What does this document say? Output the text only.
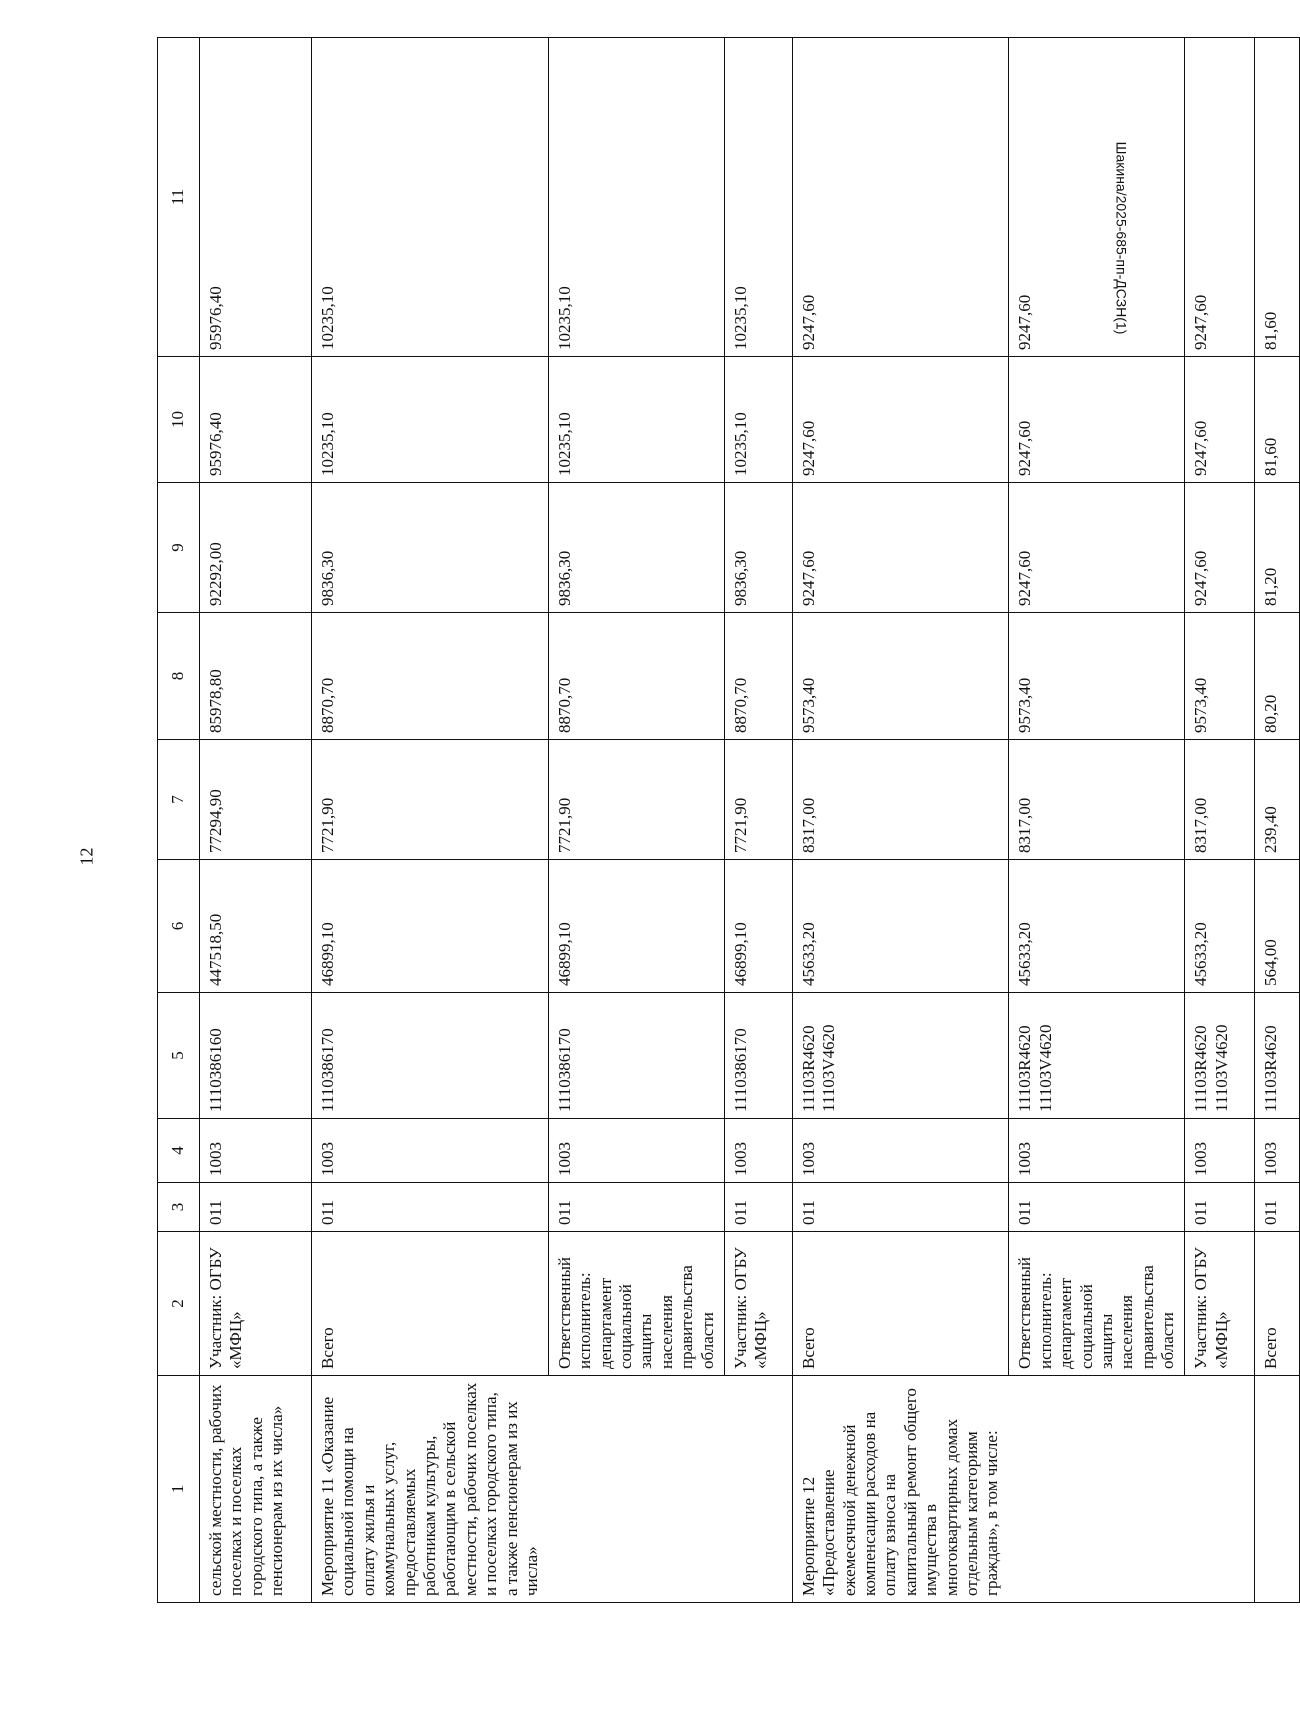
12
Шакина/2025-685-пп-ДСЗН(1)
1	2	3	4	5	6	7	8	9	10	11
сельской местности, рабочих поселках и поселках городского типа, а также пенсионерам из их числа»	Участник: ОГБУ «МФЦ»	011	1003	1110386160	447518,50	77294,90	85978,80	92292,00	95976,40	95976,40
Мероприятие 11 «Оказание социальной помощи на оплату жилья и коммунальных услуг, предоставляемых работникам культуры, работающим в сельской местности, рабочих поселках и поселках городского типа, а также пенсионерам из их числа»	Всего	011	1003	1110386170	46899,10	7721,90	8870,70	9836,30	10235,10	10235,10
	Ответственный исполнитель: департамент социальной защиты населения правительства области	011	1003	1110386170	46899,10	7721,90	8870,70	9836,30	10235,10	10235,10
	Участник: ОГБУ «МФЦ»	011	1003	1110386170	46899,10	7721,90	8870,70	9836,30	10235,10	10235,10
Мероприятие 12 «Предоставление ежемесячной денежной компенсации расходов на оплату взноса на капитальный ремонт общего имущества в многоквартирных домах отдельным категориям граждан», в том числе:	Всего	011	1003	11103R4620 11103V4620	45633,20	8317,00	9573,40	9247,60	9247,60	9247,60
	Ответственный исполнитель: департамент социальной защиты населения правительства области	011	1003	11103R4620 11103V4620	45633,20	8317,00	9573,40	9247,60	9247,60	9247,60
	Участник: ОГБУ «МФЦ»	011	1003	11103R4620 11103V4620	45633,20	8317,00	9573,40	9247,60	9247,60	9247,60
	Всего	011	1003	11103R4620	564,00	239,40	80,20	81,20	81,60	81,60
